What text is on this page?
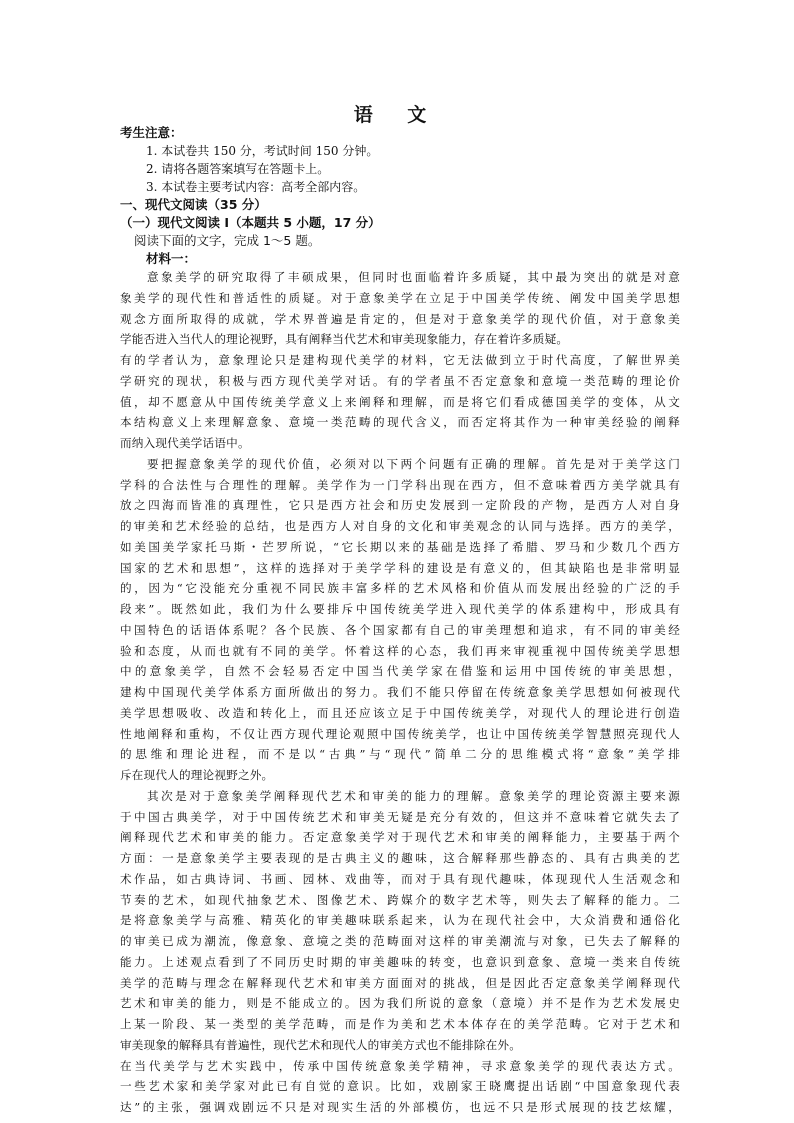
语 文
考生注意：
1. 本试卷共 150 分，考试时间 150 分钟。
2. 请将各题答案填写在答题卡上。
3. 本试卷主要考试内容：高考全部内容。
一、现代文阅读（35 分）
（一）现代文阅读 I（本题共 5 小题，17 分）
阅读下面的文字，完成 1～5 题。
材料一：
意象美学的研究取得了丰硕成果，但同时也面临着许多质疑，其中最为突出的就是对意
象美学的现代性和普适性的质疑。对于意象美学在立足于中国美学传统、阐发中国美学思想
观念方面所取得的成就，学术界普遍是肯定的，但是对于意象美学的现代价值，对于意象美
学能否进入当代人的理论视野，具有阐释当代艺术和审美现象能力，存在着许多质疑。
有的学者认为，意象理论只是建构现代美学的材料，它无法做到立于时代高度，了解世界美
学研究的现状，积极与西方现代美学对话。有的学者虽不否定意象和意境一类范畴的理论价
值，却不愿意从中国传统美学意义上来阐释和理解，而是将它们看成德国美学的变体，从文
本结构意义上来理解意象、意境一类范畴的现代含义，而否定将其作为一种审美经验的阐释
而纳入现代美学话语中。
要把握意象美学的现代价值，必须对以下两个问题有正确的理解。首先是对于美学这门
学科的合法性与合理性的理解。美学作为一门学科出现在西方，但不意味着西方美学就具有
放之四海而皆准的真理性，它只是西方社会和历史发展到一定阶段的产物，是西方人对自身
的审美和艺术经验的总结，也是西方人对自身的文化和审美观念的认同与选择。西方的美学，
如美国美学家托马斯・芒罗所说，“它长期以来的基础是选择了希腊、罗马和少数几个西方
国家的艺术和思想”，这样的选择对于美学学科的建设是有意义的，但其缺陷也是非常明显
的，因为“它没能充分重视不同民族丰富多样的艺术风格和价值从而发展出经验的广泛的手
段来”。既然如此，我们为什么要排斥中国传统美学进入现代美学的体系建构中，形成具有
中国特色的话语体系呢？各个民族、各个国家都有自己的审美理想和追求，有不同的审美经
验和态度，从而也就有不同的美学。怀着这样的心态，我们再来审视重视中国传统美学思想
中的意象美学，自然不会轻易否定中国当代美学家在借鉴和运用中国传统的审美思想，
建构中国现代美学体系方面所做出的努力。我们不能只停留在传统意象美学思想如何被现代
美学思想吸收、改造和转化上，而且还应该立足于中国传统美学，对现代人的理论进行创造
性地阐释和重构，不仅让西方现代理论观照中国传统美学，也让中国传统美学智慧照亮现代人
的思维和理论进程，而不是以“古典”与“现代”简单二分的思维模式将“意象”美学排
斥在现代人的理论视野之外。
其次是对于意象美学阐释现代艺术和审美的能力的理解。意象美学的理论资源主要来源
于中国古典美学，对于中国传统艺术和审美无疑是充分有效的，但这并不意味着它就失去了
阐释现代艺术和审美的能力。否定意象美学对于现代艺术和审美的阐释能力，主要基于两个
方面：一是意象美学主要表现的是古典主义的趣味，这合解释那些静态的、具有古典美的艺
术作品，如古典诗词、书画、园林、戏曲等，而对于具有现代趣味，体现现代人生活观念和
节奏的艺术，如现代抽象艺术、图像艺术、跨媒介的数字艺术等，则失去了解释的能力。二
是将意象美学与高雅、精英化的审美趣味联系起来，认为在现代社会中，大众消费和通俗化
的审美已成为潮流，像意象、意境之类的范畴面对这样的审美潮流与对象，已失去了解释的
能力。上述观点看到了不同历史时期的审美趣味的转变，也意识到意象、意境一类来自传统
美学的范畴与理念在解释现代艺术和审美方面面对的挑战，但是因此否定意象美学阐释现代
艺术和审美的能力，则是不能成立的。因为我们所说的意象（意境）并不是作为艺术发展史
上某一阶段、某一类型的美学范畴，而是作为美和艺术本体存在的美学范畴。它对于艺术和
审美现象的解释具有普遍性，现代艺术和现代人的审美方式也不能排除在外。
在当代美学与艺术实践中，传承中国传统意象美学精神，寻求意象美学的现代表达方式。
一些艺术家和美学家对此已有自觉的意识。比如，戏剧家王晓鹰提出话剧“中国意象现代表
达”的主张，强调戏剧远不只是对现实生活的外部模仿，也远不只是形式展现的技艺炫耀，
